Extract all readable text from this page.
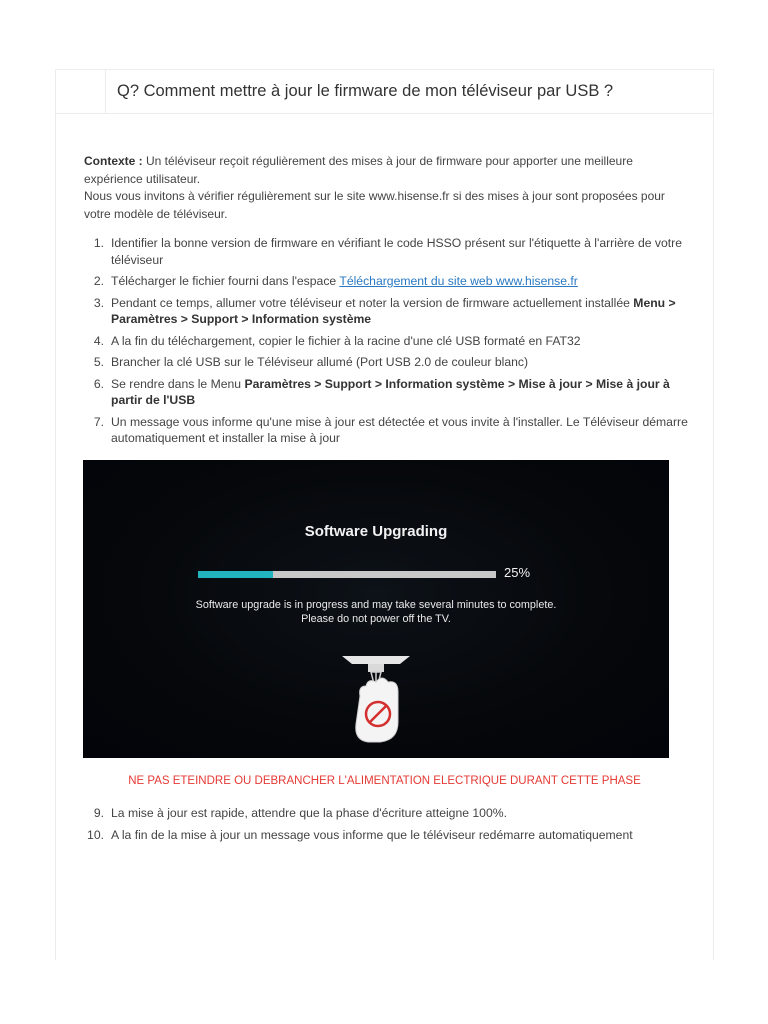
Q? Comment mettre à jour le firmware de mon téléviseur par USB ?

Contexte : Un téléviseur reçoit régulièrement des mises à jour de firmware pour apporter une meilleure expérience utilisateur.

Nous vous invitons à vérifier régulièrement sur le site www.hisense.fr si des mises à jour sont proposées pour votre modèle de téléviseur.

1. Identifier la bonne version de firmware en vérifiant le code HSSO présent sur l'étiquette à l'arrière de votre téléviseur
2. Télécharger le fichier fourni dans l'espace Téléchargement du site web www.hisense.fr
3. Pendant ce temps, allumer votre téléviseur et noter la version de firmware actuellement installée Menu > Paramètres > Support > Information système
4. A la fin du téléchargement, copier le fichier à la racine d'une clé USB formaté en FAT32
5. Brancher la clé USB sur le Téléviseur allumé (Port USB 2.0 de couleur blanc)
6. Se rendre dans le Menu Paramètres > Support > Information système > Mise à jour > Mise à jour à partir de l'USB
7. Un message vous informe qu'une mise à jour est détectée et vous invite à l'installer. Le Téléviseur démarre automatiquement et installer la mise à jour
Software Upgrading
25%
Software upgrade is in progress and may take several minutes to complete.
Please do not power off the TV.
NE PAS ETEINDRE OU DEBRANCHER L'ALIMENTATION ELECTRIQUE DURANT CETTE PHASE
9. La mise à jour est rapide, attendre que la phase d'écriture atteigne 100%.
10. A la fin de la mise à jour un message vous informe que le téléviseur redémarre automatiquement
